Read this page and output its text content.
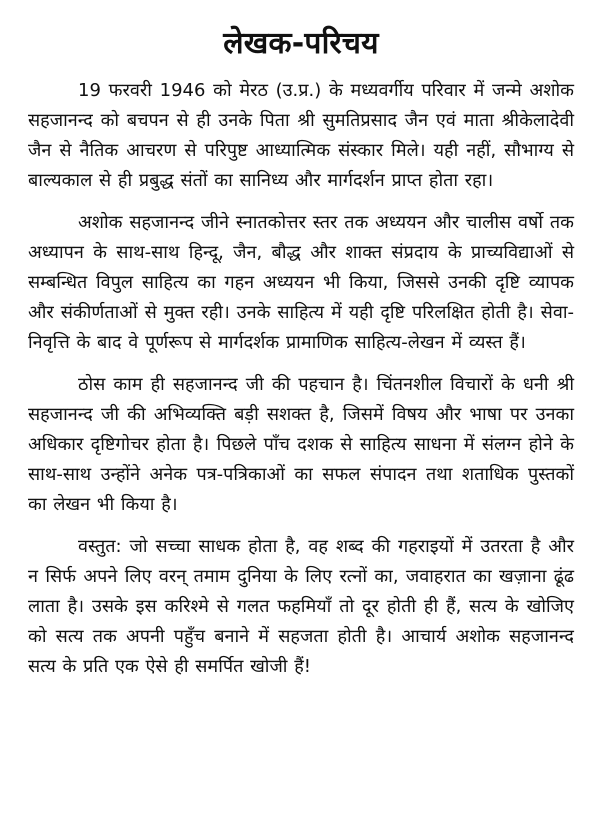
लेखक-परिचय

19 फरवरी 1946 को मेरठ (उ.प्र.) के मध्यवर्गीय परिवार में जन्मे अशोक सहजानन्द को बचपन से ही उनके पिता श्री सुमतिप्रसाद जैन एवं माता श्रीकेलादेवी जैन से नैतिक आचरण से परिपुष्ट आध्यात्मिक संस्कार मिले। यही नहीं, सौभाग्य से बाल्यकाल से ही प्रबुद्ध संतों का सानिध्य और मार्गदर्शन प्राप्त होता रहा।

अशोक सहजानन्द जीने स्नातकोत्तर स्तर तक अध्ययन और चालीस वर्षो तक अध्यापन के साथ-साथ हिन्दू, जैन, बौद्ध और शाक्त संप्रदाय के प्राच्यविद्याओं से सम्बन्धित विपुल साहित्य का गहन अध्ययन भी किया, जिससे उनकी दृष्टि व्यापक और संकीर्णताओं से मुक्त रही। उनके साहित्य में यही दृष्टि परिलक्षित होती है। सेवा-निवृत्ति के बाद वे पूर्णरूप से मार्गदर्शक प्रामाणिक साहित्य-लेखन में व्यस्त हैं।

ठोस काम ही सहजानन्द जी की पहचान है। चिंतनशील विचारों के धनी श्री सहजानन्द जी की अभिव्यक्ति बड़ी सशक्त है, जिसमें विषय और भाषा पर उनका अधिकार दृष्टिगोचर होता है। पिछले पाँच दशक से साहित्य साधना में संलग्न होने के साथ-साथ उन्होंने अनेक पत्र-पत्रिकाओं का सफल संपादन तथा शताधिक पुस्तकों का लेखन भी किया है।

वस्तुत: जो सच्चा साधक होता है, वह शब्द की गहराइयों में उतरता है और न सिर्फ अपने लिए वरन् तमाम दुनिया के लिए रत्नों का, जवाहरात का खज़ाना ढूंढ लाता है। उसके इस करिश्मे से गलत फहमियाँ तो दूर होती ही हैं, सत्य के खोजिए को सत्य तक अपनी पहुँच बनाने में सहजता होती है। आचार्य अशोक सहजानन्द सत्य के प्रति एक ऐसे ही समर्पित खोजी हैं!
